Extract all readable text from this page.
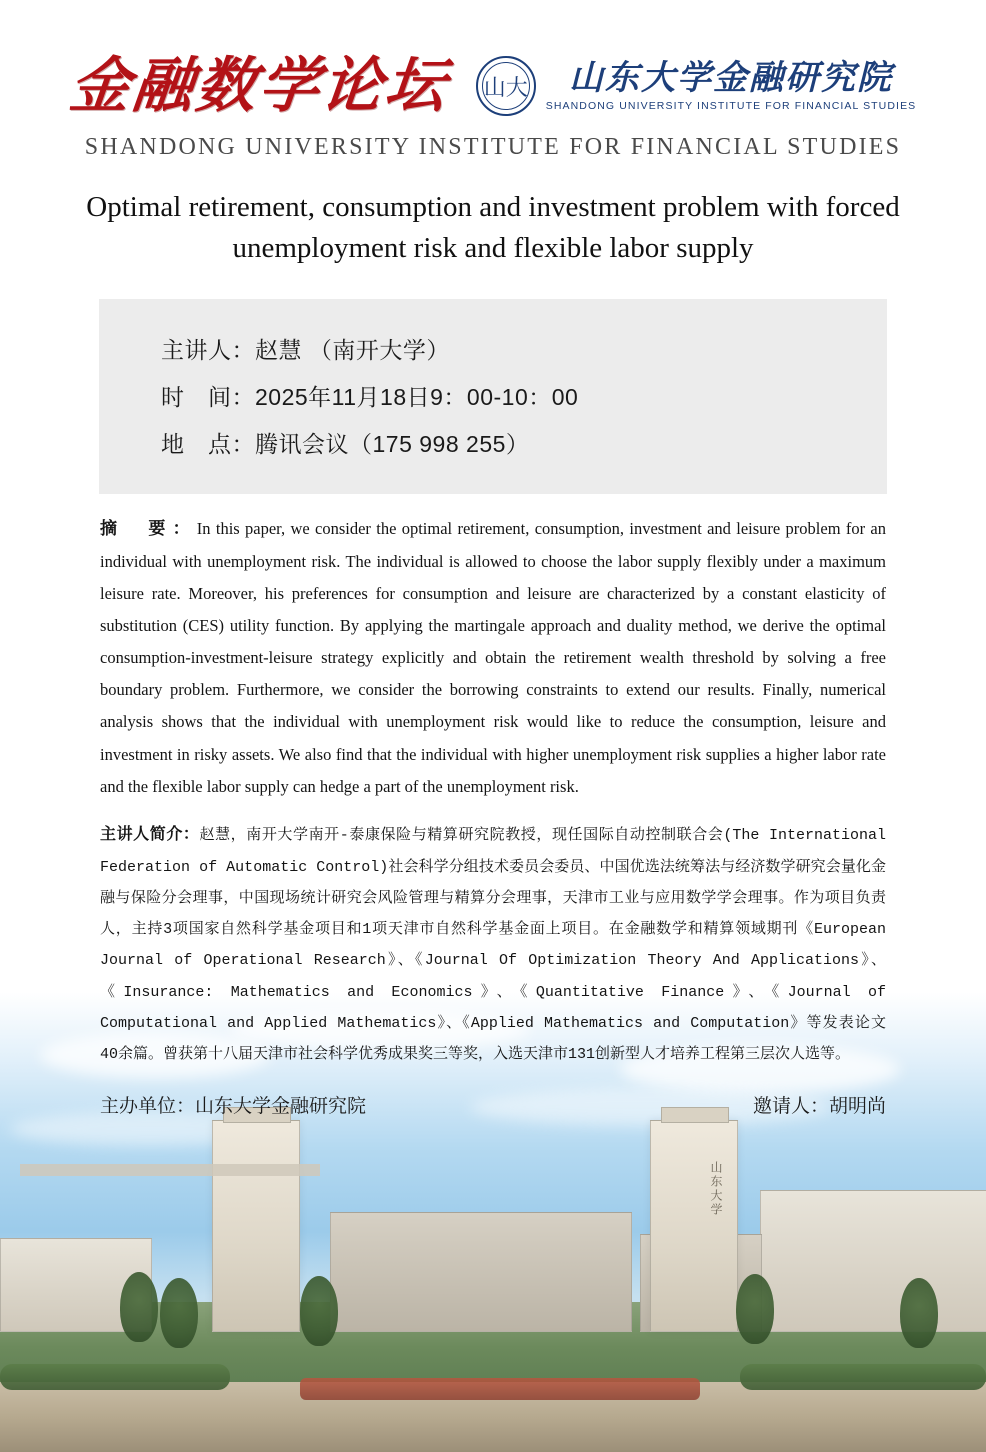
山东大学
金融数学论坛 山大	山东大学金融研究院
SHANDONG UNIVERSITY INSTITUTE FOR FINANCIAL STUDIES
SHANDONG UNIVERSITY INSTITUTE FOR FINANCIAL STUDIES
Optimal retirement, consumption and investment problem with forced unemployment risk and flexible labor supply
主讲人：赵慧 （南开大学）
时　间：2025年11月18日9：00-10：00
地　点：腾讯会议（175 998 255）

摘　要：In this paper, we consider the optimal retirement, consumption, investment and leisure problem for an individual with unemployment risk. The individual is allowed to choose the labor supply flexibly under a maximum leisure rate. Moreover, his preferences for consumption and leisure are characterized by a constant elasticity of substitution (CES) utility function. By applying the martingale approach and duality method, we derive the optimal consumption-investment-leisure strategy explicitly and obtain the retirement wealth threshold by solving a free boundary problem. Furthermore, we consider the borrowing constraints to extend our results. Finally, numerical analysis shows that the individual with unemployment risk would like to reduce the consumption, leisure and investment in risky assets. We also find that the individual with higher unemployment risk supplies a higher labor rate and the flexible labor supply can hedge a part of the unemployment risk.

主讲人简介：赵慧，南开大学南开-泰康保险与精算研究院教授，现任国际自动控制联合会(The International Federation of Automatic Control)社会科学分组技术委员会委员、中国优选法统筹法与经济数学研究会量化金融与保险分会理事，中国现场统计研究会风险管理与精算分会理事，天津市工业与应用数学学会理事。作为项目负责人，主持3项国家自然科学基金项目和1项天津市自然科学基金面上项目。在金融数学和精算领域期刊《European Journal of Operational Research》、《Journal Of Optimization Theory And Applications》、《Insurance: Mathematics and Economics》、《Quantitative Finance》、《Journal of Computational and Applied Mathematics》、《Applied Mathematics and Computation》等发表论文40余篇。曾获第十八届天津市社会科学优秀成果奖三等奖，入选天津市131创新型人才培养工程第三层次人选等。

主办单位：山东大学金融研究院	邀请人：胡明尚
